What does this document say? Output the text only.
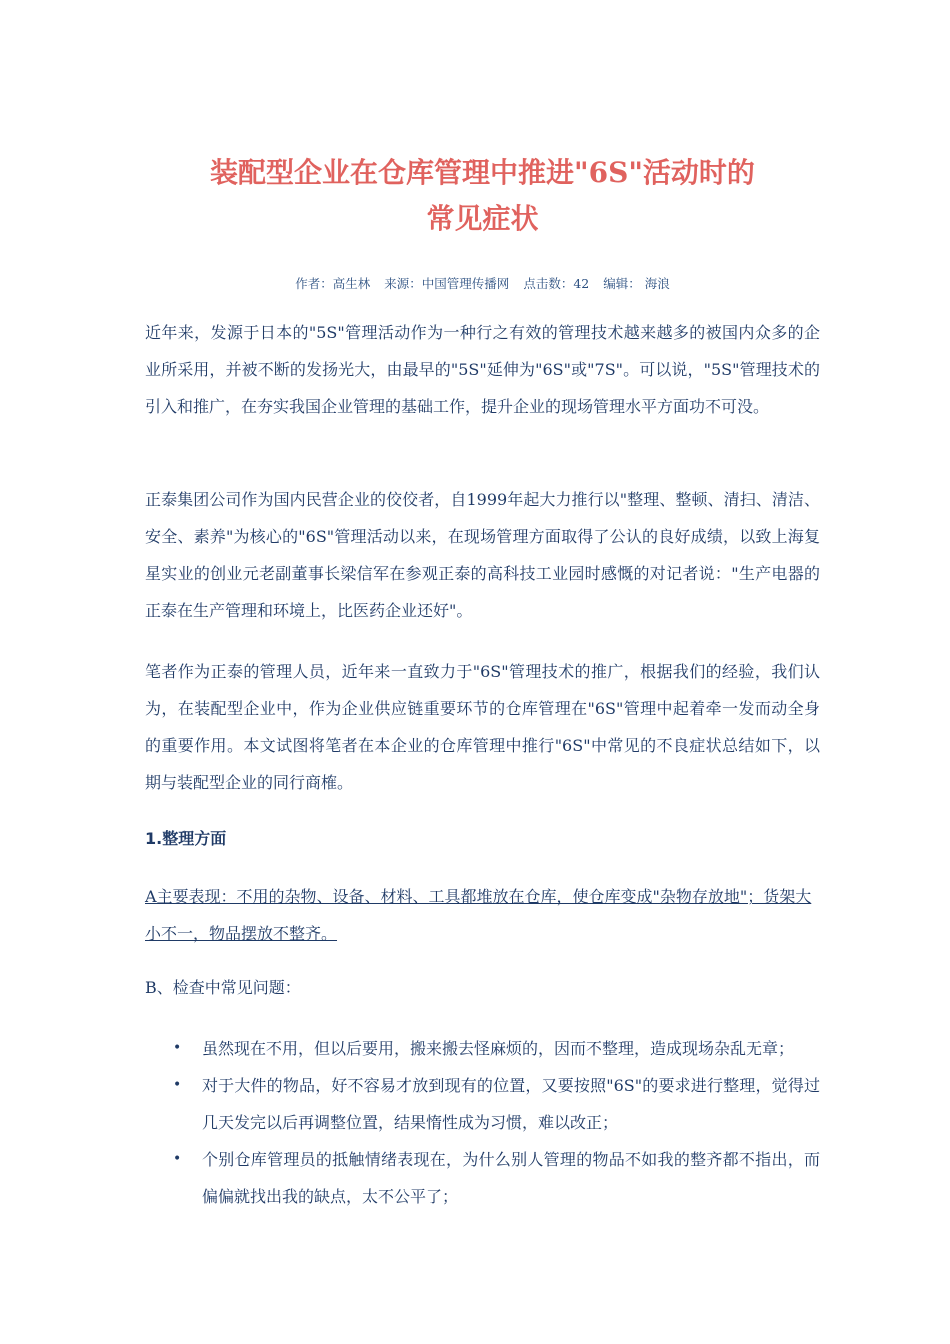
装配型企业在仓库管理中推进"6S"活动时的
常见症状
作者：高生林 来源：中国管理传播网 点击数：42 编辑： 海浪

近年来，发源于日本的"5S"管理活动作为一种行之有效的管理技术越来越多的被国内众多的企业所采用，并被不断的发扬光大，由最早的"5S"延伸为"6S"或"7S"。可以说，"5S"管理技术的引入和推广，在夯实我国企业管理的基础工作，提升企业的现场管理水平方面功不可没。

正泰集团公司作为国内民营企业的佼佼者，自1999年起大力推行以"整理、整顿、清扫、清洁、安全、素养"为核心的"6S"管理活动以来，在现场管理方面取得了公认的良好成绩，以致上海复星实业的创业元老副董事长梁信军在参观正泰的高科技工业园时感慨的对记者说："生产电器的正泰在生产管理和环境上，比医药企业还好"。

笔者作为正泰的管理人员，近年来一直致力于"6S"管理技术的推广，根据我们的经验，我们认为，在装配型企业中，作为企业供应链重要环节的仓库管理在"6S"管理中起着牵一发而动全身的重要作用。本文试图将笔者在本企业的仓库管理中推行"6S"中常见的不良症状总结如下，以期与装配型企业的同行商榷。

1.整理方面

A主要表现：不用的杂物、设备、材料、工具都堆放在仓库，使仓库变成"杂物存放地"；货架大小不一，物品摆放不整齐。

B、检查中常见问题：

• 虽然现在不用，但以后要用，搬来搬去怪麻烦的，因而不整理，造成现场杂乱无章；
• 对于大件的物品，好不容易才放到现有的位置，又要按照"6S"的要求进行整理，觉得过几天发完以后再调整位置，结果惰性成为习惯，难以改正；
• 个别仓库管理员的抵触情绪表现在，为什么别人管理的物品不如我的整齐都不指出，而偏偏就找出我的缺点，太不公平了；
